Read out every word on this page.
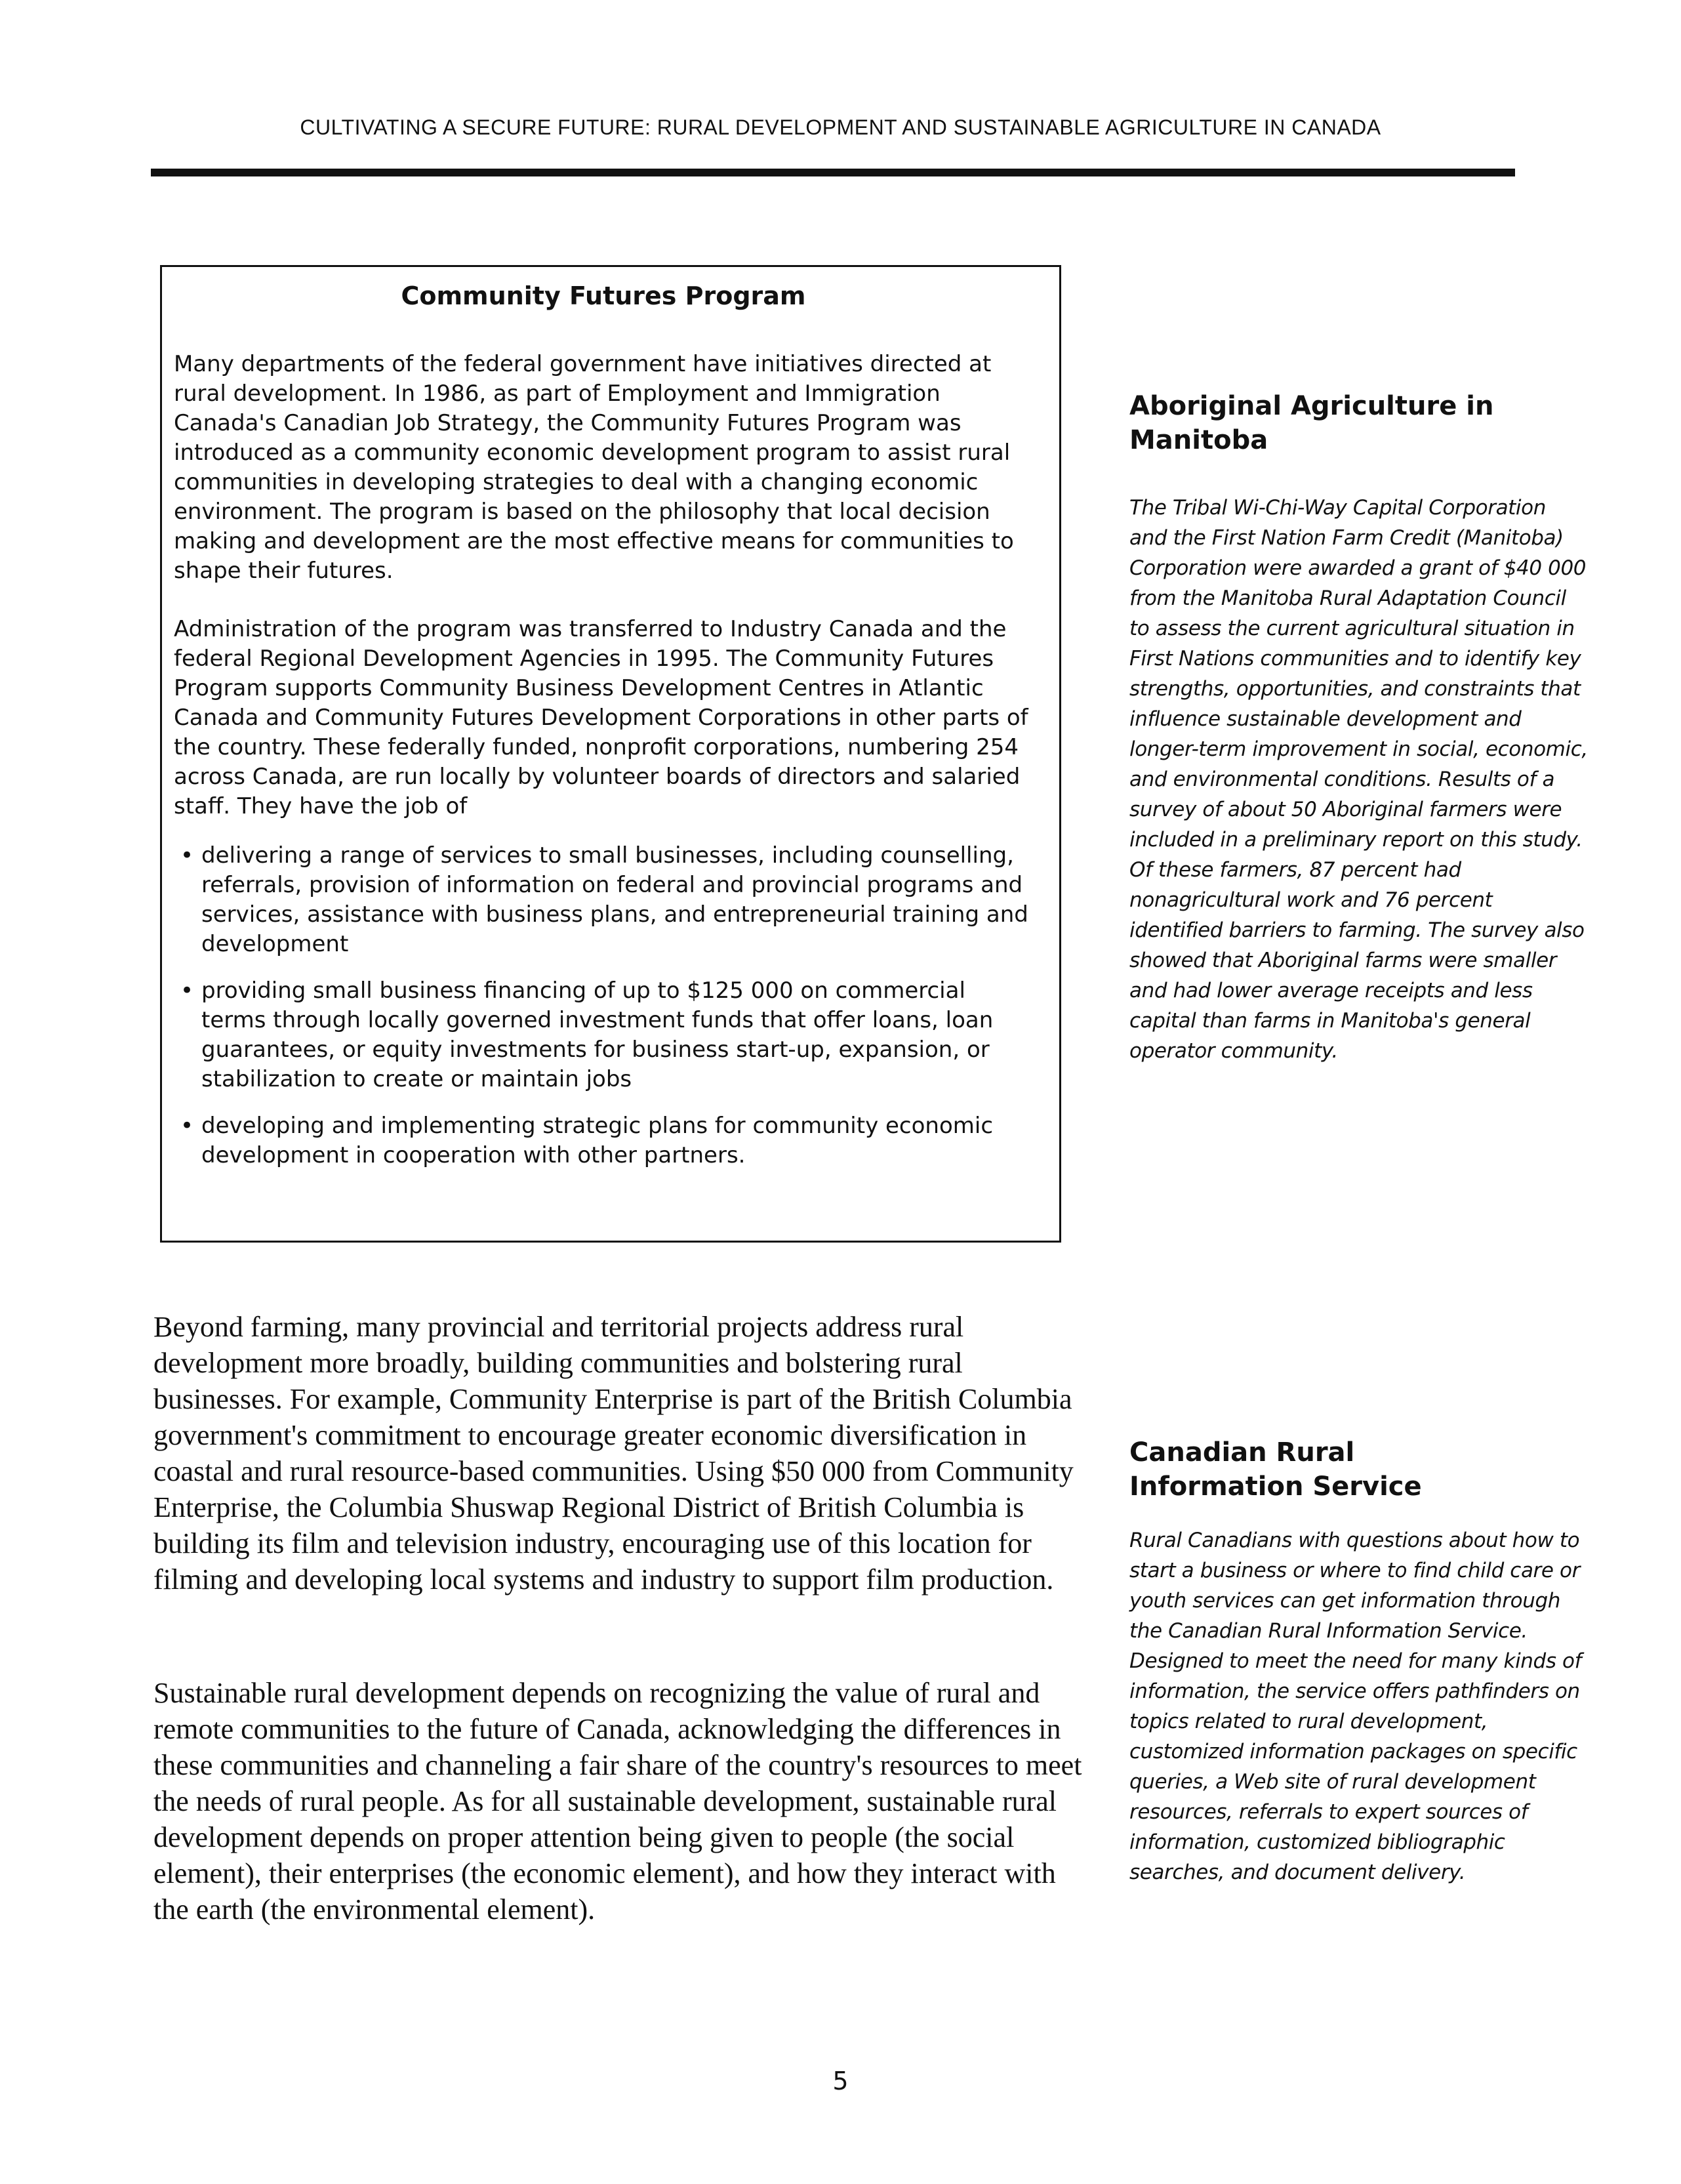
CULTIVATING A SECURE FUTURE: RURAL DEVELOPMENT AND SUSTAINABLE AGRICULTURE IN CANADA
Community Futures Program

Many departments of the federal government have initiatives directed at rural development. In 1986, as part of Employment and Immigration Canada's Canadian Job Strategy, the Community Futures Program was introduced as a community economic development program to assist rural communities in developing strategies to deal with a changing economic environment. The program is based on the philosophy that local decision making and development are the most effective means for communities to shape their futures.

Administration of the program was transferred to Industry Canada and the federal Regional Development Agencies in 1995. The Community Futures Program supports Community Business Development Centres in Atlantic Canada and Community Futures Development Corporations in other parts of the country. These federally funded, nonprofit corporations, numbering 254 across Canada, are run locally by volunteer boards of directors and salaried staff. They have the job of

• delivering a range of services to small businesses, including counselling, referrals, provision of information on federal and provincial programs and services, assistance with business plans, and entrepreneurial training and development
• providing small business financing of up to $125 000 on commercial terms through locally governed investment funds that offer loans, loan guarantees, or equity investments for business start-up, expansion, or stabilization to create or maintain jobs
• developing and implementing strategic plans for community economic development in cooperation with other partners.
Aboriginal Agriculture in Manitoba
The Tribal Wi-Chi-Way Capital Corporation and the First Nation Farm Credit (Manitoba) Corporation were awarded a grant of $40 000 from the Manitoba Rural Adaptation Council to assess the current agricultural situation in First Nations communities and to identify key strengths, opportunities, and constraints that influence sustainable development and longer-term improvement in social, economic, and environmental conditions. Results of a survey of about 50 Aboriginal farmers were included in a preliminary report on this study. Of these farmers, 87 percent had nonagricultural work and 76 percent identified barriers to farming. The survey also showed that Aboriginal farms were smaller and had lower average receipts and less capital than farms in Manitoba's general operator community.
Canadian Rural Information Service
Rural Canadians with questions about how to start a business or where to find child care or youth services can get information through the Canadian Rural Information Service. Designed to meet the need for many kinds of information, the service offers pathfinders on topics related to rural development, customized information packages on specific queries, a Web site of rural development resources, referrals to expert sources of information, customized bibliographic searches, and document delivery.
Beyond farming, many provincial and territorial projects address rural development more broadly, building communities and bolstering rural businesses. For example, Community Enterprise is part of the British Columbia government's commitment to encourage greater economic diversification in coastal and rural resource-based communities. Using $50 000 from Community Enterprise, the Columbia Shuswap Regional District of British Columbia is building its film and television industry, encouraging use of this location for filming and developing local systems and industry to support film production.
Sustainable rural development depends on recognizing the value of rural and remote communities to the future of Canada, acknowledging the differences in these communities and channeling a fair share of the country's resources to meet the needs of rural people. As for all sustainable development, sustainable rural development depends on proper attention being given to people (the social element), their enterprises (the economic element), and how they interact with the earth (the environmental element).
5
